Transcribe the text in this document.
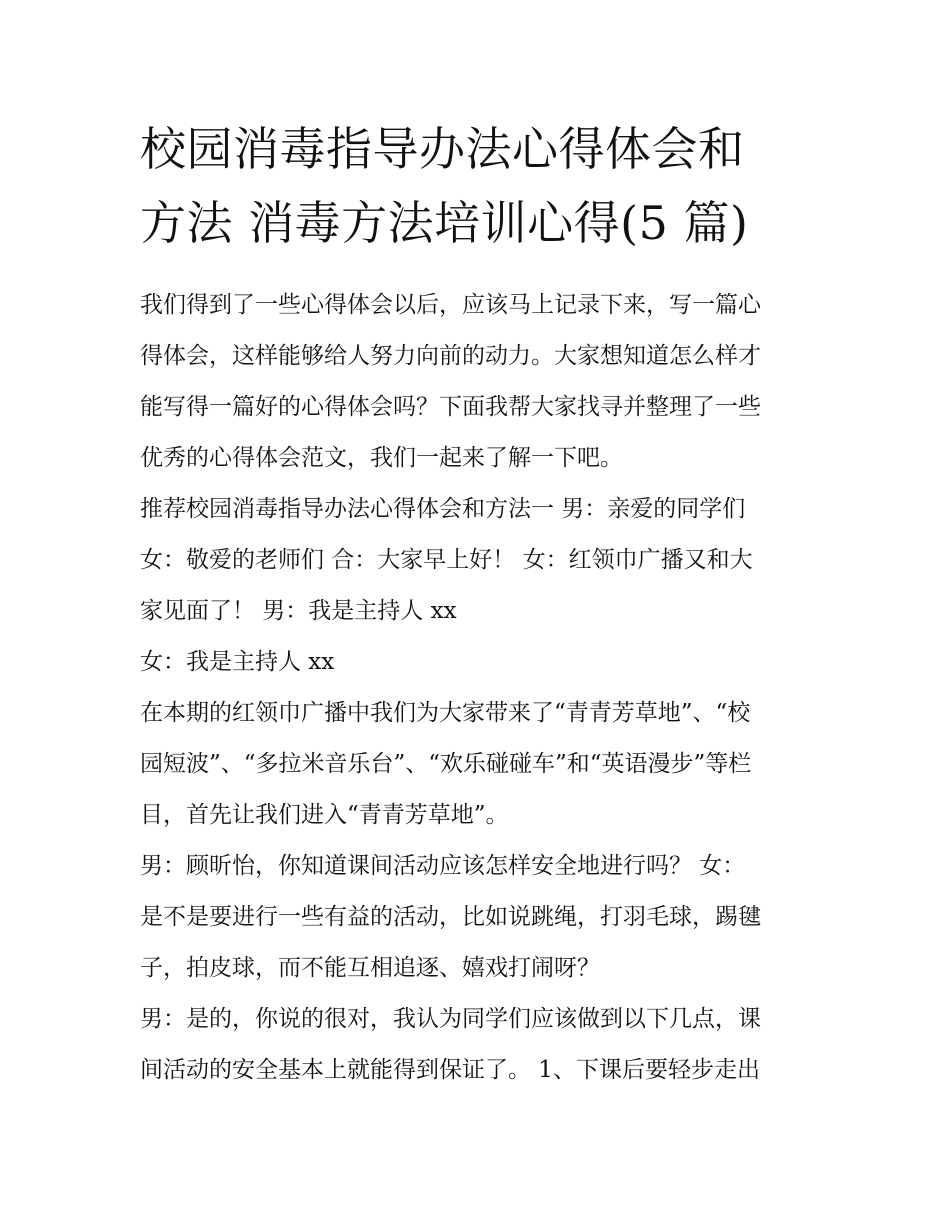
校园消毒指导办法心得体会和
方法 消毒方法培训心得(5 篇)
我们得到了一些心得体会以后，应该马上记录下来，写一篇心
得体会，这样能够给人努力向前的动力。大家想知道怎么样才
能写得一篇好的心得体会吗？下面我帮大家找寻并整理了一些
优秀的心得体会范文，我们一起来了解一下吧。
推荐校园消毒指导办法心得体会和方法一 男：亲爱的同学们
女：敬爱的老师们 合：大家早上好！ 女：红领巾广播又和大
家见面了！ 男：我是主持人 xx
女：我是主持人 xx
在本期的红领巾广播中我们为大家带来了“青青芳草地”、“校
园短波”、“多拉米音乐台”、“欢乐碰碰车”和“英语漫步”等栏
目，首先让我们进入“青青芳草地”。
男：顾昕怡，你知道课间活动应该怎样安全地进行吗？ 女：
是不是要进行一些有益的活动，比如说跳绳，打羽毛球，踢毽
子，拍皮球，而不能互相追逐、嬉戏打闹呀？
男：是的，你说的很对，我认为同学们应该做到以下几点，课
间活动的安全基本上就能得到保证了。 1、下课后要轻步走出
